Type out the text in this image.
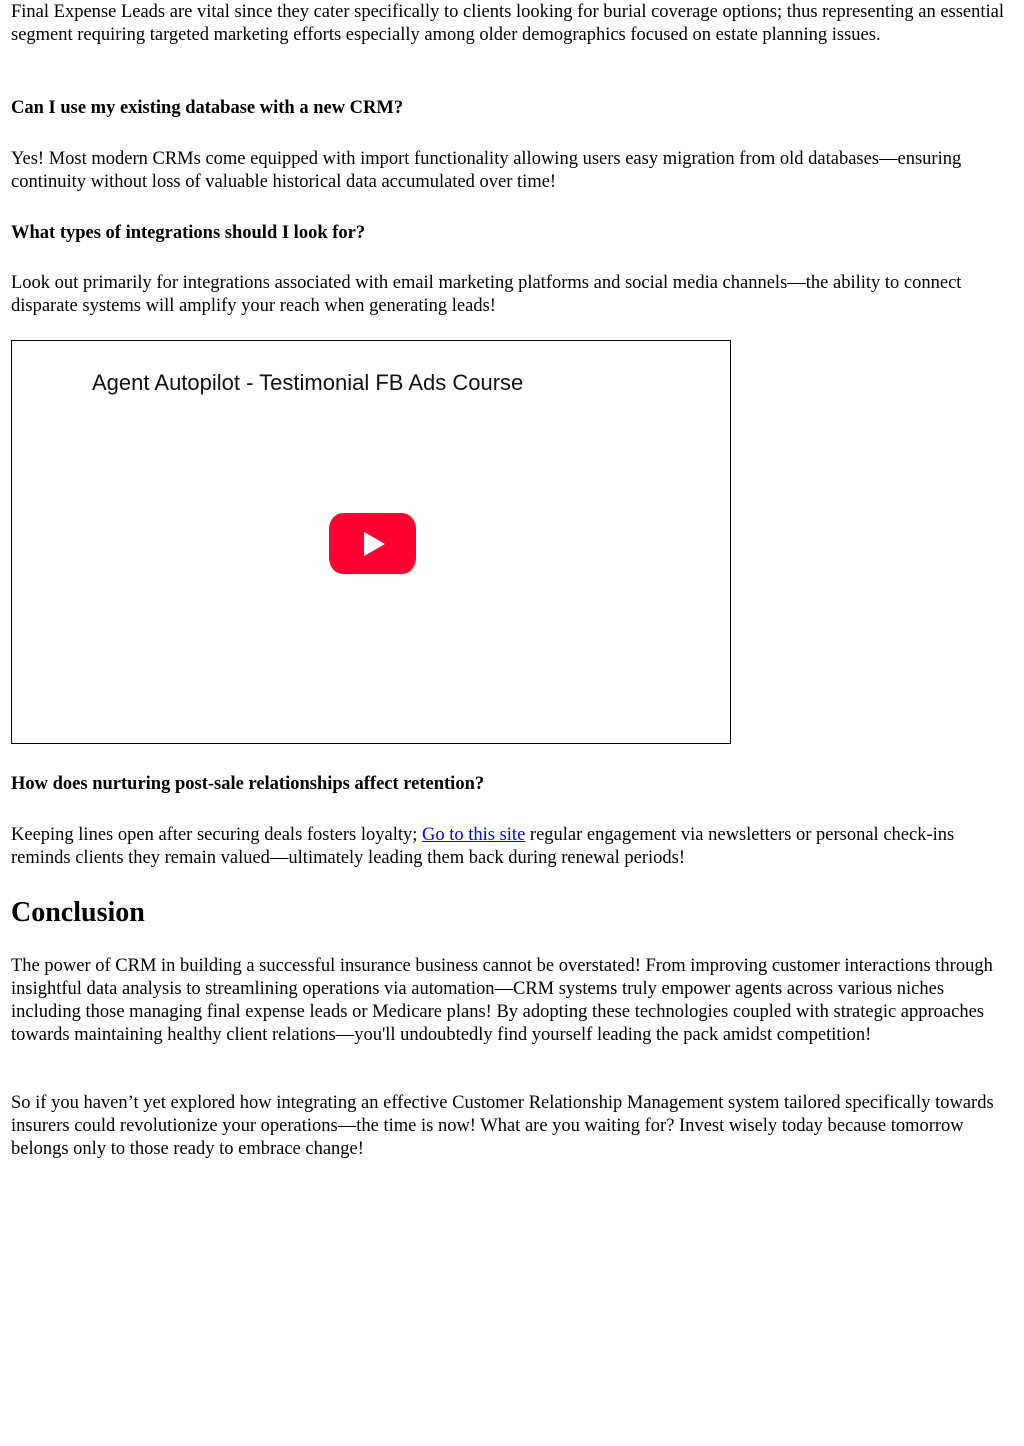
Final Expense Leads are vital since they cater specifically to clients looking for burial coverage options; thus representing an essential segment requiring targeted marketing efforts especially among older demographics focused on estate planning issues.

Can I use my existing database with a new CRM?

Yes! Most modern CRMs come equipped with import functionality allowing users easy migration from old databases—ensuring continuity without loss of valuable historical data accumulated over time!

What types of integrations should I look for?

Look out primarily for integrations associated with email marketing platforms and social media channels—the ability to connect disparate systems will amplify your reach when generating leads!

Agent Autopilot - Testimonial FB Ads Course
How does nurturing post-sale relationships affect retention?

Keeping lines open after securing deals fosters loyalty; Go to this site regular engagement via newsletters or personal check-ins reminds clients they remain valued—ultimately leading them back during renewal periods!

Conclusion

The power of CRM in building a successful insurance business cannot be overstated! From improving customer interactions through insightful data analysis to streamlining operations via automation—CRM systems truly empower agents across various niches including those managing final expense leads or Medicare plans! By adopting these technologies coupled with strategic approaches towards maintaining healthy client relations—you'll undoubtedly find yourself leading the pack amidst competition!

So if you haven’t yet explored how integrating an effective Customer Relationship Management system tailored specifically towards insurers could revolutionize your operations—the time is now! What are you waiting for? Invest wisely today because tomorrow belongs only to those ready to embrace change!
